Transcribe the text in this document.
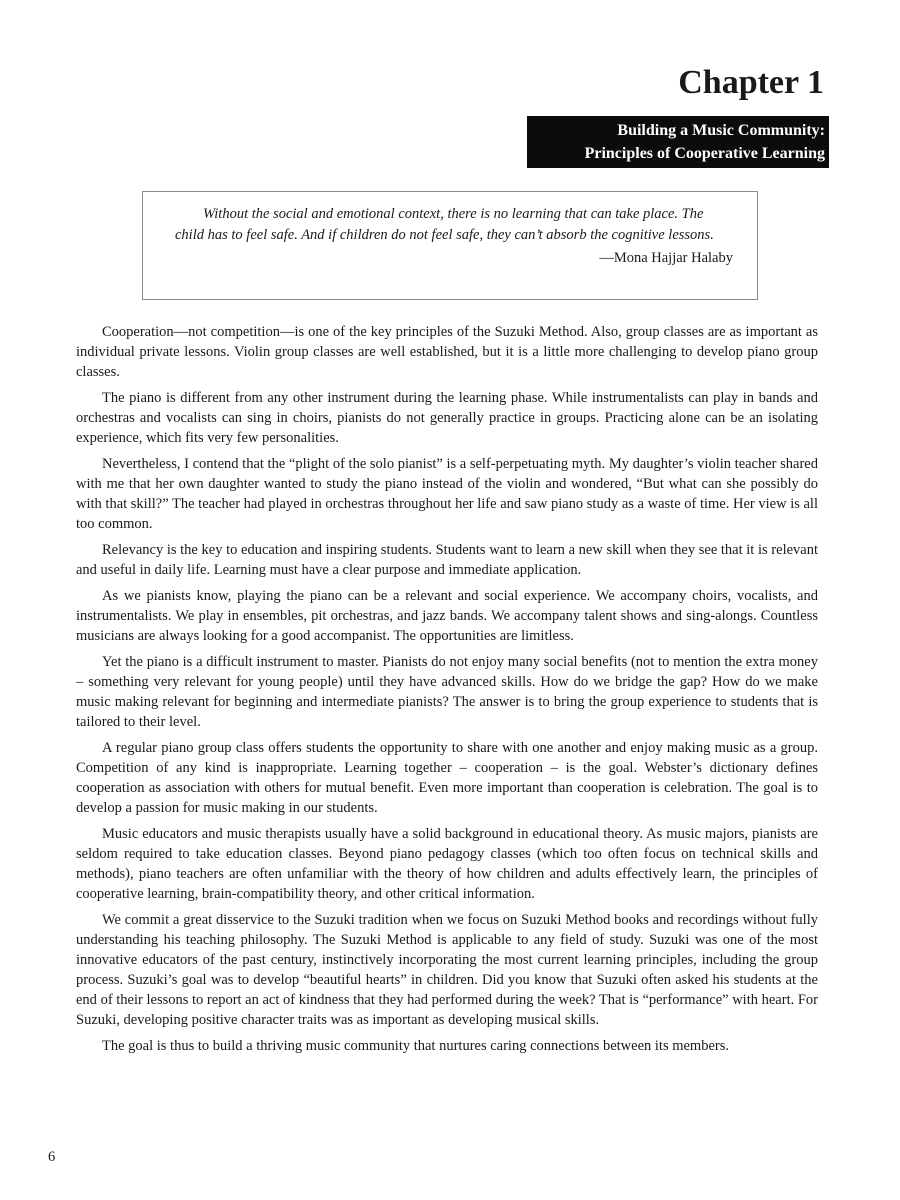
Chapter 1
Building a Music Community:
Principles of Cooperative Learning

Without the social and emotional context, there is no learning that can take place. The child has to feel safe. And if children do not feel safe, they can’t absorb the cognitive lessons.

—Mona Hajjar Halaby

Cooperation—not competition—is one of the key principles of the Suzuki Method. Also, group classes are as important as individual private lessons. Violin group classes are well established, but it is a little more challenging to develop piano group classes.

The piano is different from any other instrument during the learning phase. While instrumentalists can play in bands and orchestras and vocalists can sing in choirs, pianists do not generally practice in groups. Practicing alone can be an isolating experience, which fits very few personalities.

Nevertheless, I contend that the “plight of the solo pianist” is a self-perpetuating myth. My daughter’s violin teacher shared with me that her own daughter wanted to study the piano instead of the violin and wondered, “But what can she possibly do with that skill?” The teacher had played in orchestras throughout her life and saw piano study as a waste of time. Her view is all too common.

Relevancy is the key to education and inspiring students. Students want to learn a new skill when they see that it is relevant and useful in daily life. Learning must have a clear purpose and immediate application.

As we pianists know, playing the piano can be a relevant and social experience. We accompany choirs, vocalists, and instrumentalists. We play in ensembles, pit orchestras, and jazz bands. We accompany talent shows and sing-alongs. Countless musicians are always looking for a good accompanist. The opportunities are limitless.

Yet the piano is a difficult instrument to master. Pianists do not enjoy many social benefits (not to mention the extra money – something very relevant for young people) until they have advanced skills. How do we bridge the gap? How do we make music making relevant for beginning and intermediate pianists? The answer is to bring the group experience to students that is tailored to their level.

A regular piano group class offers students the opportunity to share with one another and enjoy making music as a group. Competition of any kind is inappropriate. Learning together – cooperation – is the goal. Webster’s dictionary defines cooperation as association with others for mutual benefit. Even more important than cooperation is celebration. The goal is to develop a passion for music making in our students.

Music educators and music therapists usually have a solid background in educational theory. As music majors, pianists are seldom required to take education classes. Beyond piano pedagogy classes (which too often focus on technical skills and methods), piano teachers are often unfamiliar with the theory of how children and adults effectively learn, the principles of cooperative learning, brain-compatibility theory, and other critical information.

We commit a great disservice to the Suzuki tradition when we focus on Suzuki Method books and recordings without fully understanding his teaching philosophy. The Suzuki Method is applicable to any field of study. Suzuki was one of the most innovative educators of the past century, instinctively incorporating the most current learning principles, including the group process. Suzuki’s goal was to develop “beautiful hearts” in children. Did you know that Suzuki often asked his students at the end of their lessons to report an act of kindness that they had performed during the week? That is “performance” with heart. For Suzuki, developing positive character traits was as important as developing musical skills.

The goal is thus to build a thriving music community that nurtures caring connections between its members.

6
